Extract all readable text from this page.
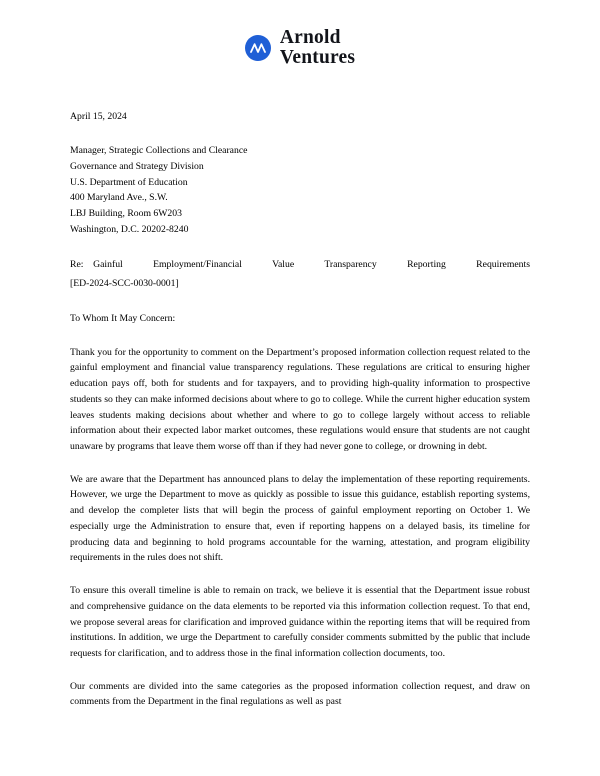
Arnold
Ventures

April 15, 2024

Manager, Strategic Collections and Clearance
Governance and Strategy Division
U.S. Department of Education
400 Maryland Ave., S.W.
LBJ Building, Room 6W203
Washington, D.C. 20202-8240

Re: Gainful Employment/Financial Value Transparency Reporting Requirements

[ED-2024-SCC-0030-0001]

To Whom It May Concern:

Thank you for the opportunity to comment on the Department’s proposed information collection request related to the gainful employment and financial value transparency regulations. These regulations are critical to ensuring higher education pays off, both for students and for taxpayers, and to providing high-quality information to prospective students so they can make informed decisions about where to go to college. While the current higher education system leaves students making decisions about whether and where to go to college largely without access to reliable information about their expected labor market outcomes, these regulations would ensure that students are not caught unaware by programs that leave them worse off than if they had never gone to college, or drowning in debt.

We are aware that the Department has announced plans to delay the implementation of these reporting requirements. However, we urge the Department to move as quickly as possible to issue this guidance, establish reporting systems, and develop the completer lists that will begin the process of gainful employment reporting on October 1. We especially urge the Administration to ensure that, even if reporting happens on a delayed basis, its timeline for producing data and beginning to hold programs accountable for the warning, attestation, and program eligibility requirements in the rules does not shift.

To ensure this overall timeline is able to remain on track, we believe it is essential that the Department issue robust and comprehensive guidance on the data elements to be reported via this information collection request. To that end, we propose several areas for clarification and improved guidance within the reporting items that will be required from institutions. In addition, we urge the Department to carefully consider comments submitted by the public that include requests for clarification, and to address those in the final information collection documents, too.

Our comments are divided into the same categories as the proposed information collection request, and draw on comments from the Department in the final regulations as well as past
